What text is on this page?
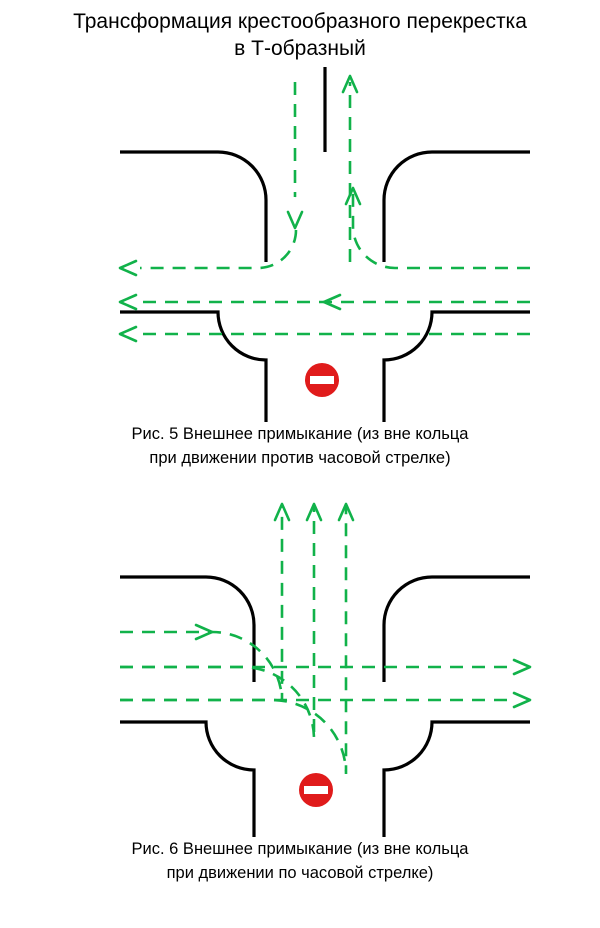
Трансформация крестообразного перекрестка
в Т-образный
Рис. 5 Внешнее примыкание (из вне кольца
при движении против часовой стрелке)
Рис. 6 Внешнее примыкание (из вне кольца
при движении по часовой стрелке)
